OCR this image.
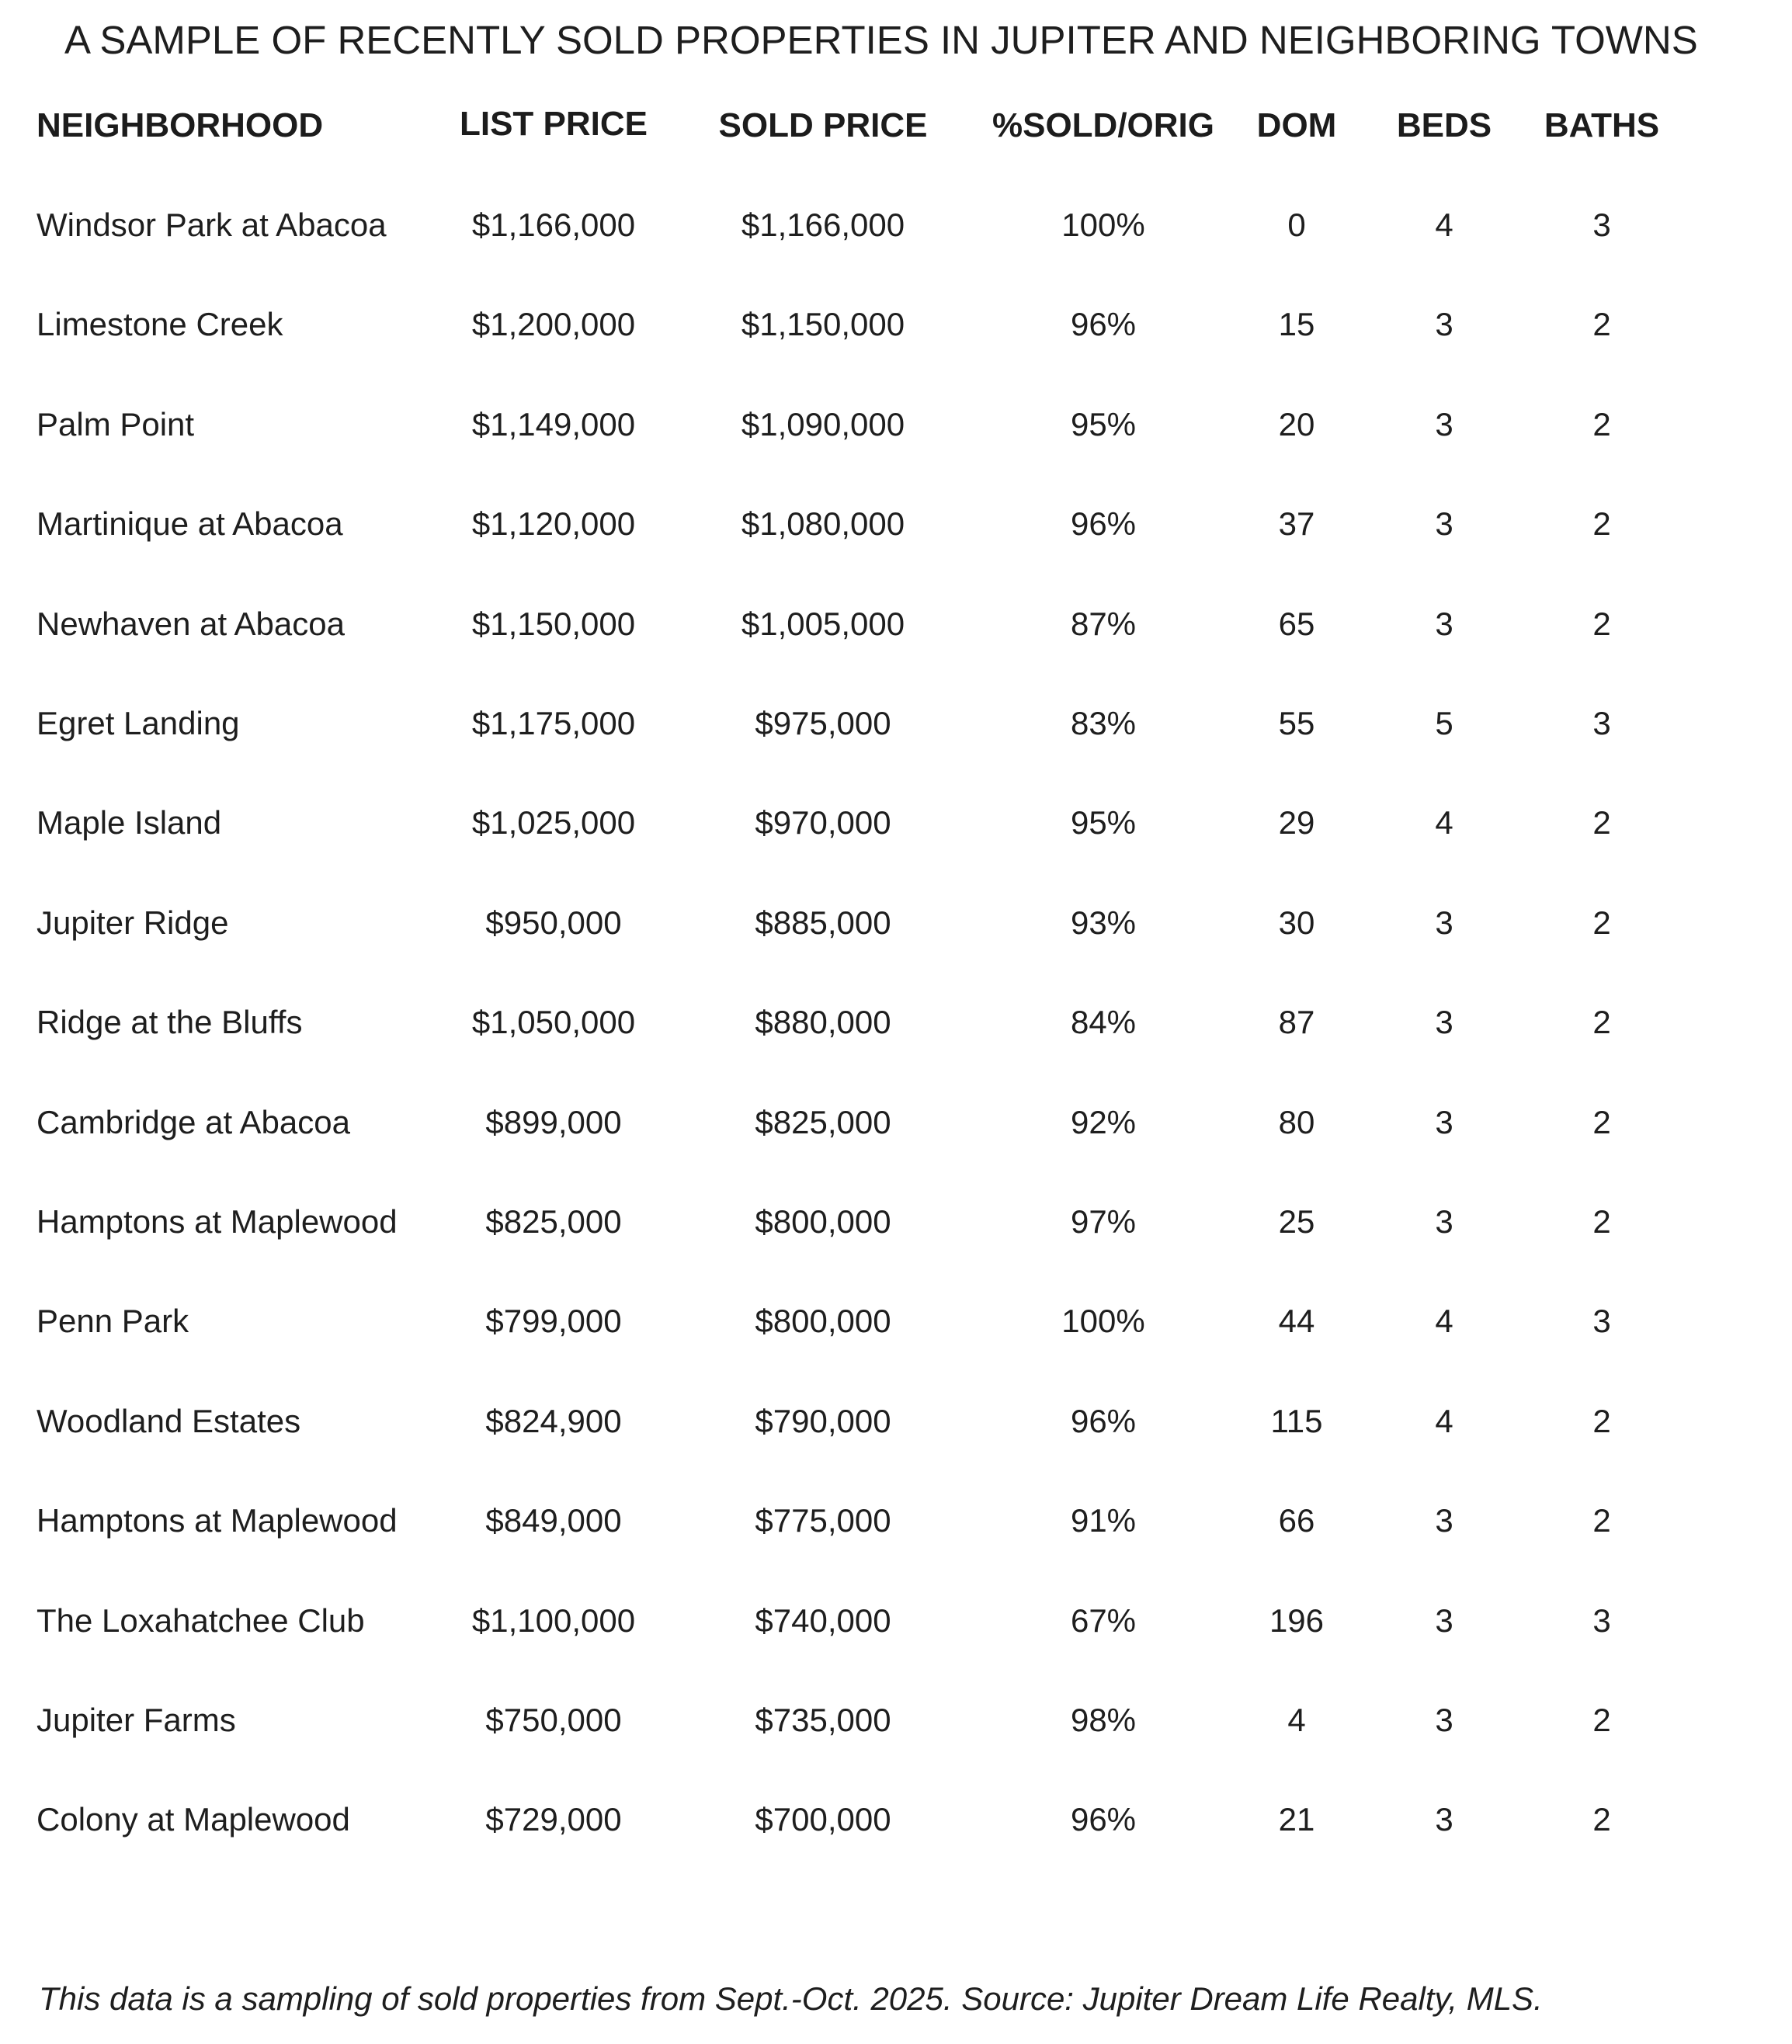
A SAMPLE OF RECENTLY SOLD PROPERTIES IN JUPITER AND NEIGHBORING TOWNS
NEIGHBORHOOD	LIST PRICE	SOLD PRICE	%SOLD/ORIG	DOM	BEDS	BATHS
Windsor Park at Abacoa	$1,166,000	$1,166,000	100%	0	4	3
Limestone Creek	$1,200,000	$1,150,000	96%	15	3	2
Palm Point	$1,149,000	$1,090,000	95%	20	3	2
Martinique at Abacoa	$1,120,000	$1,080,000	96%	37	3	2
Newhaven at Abacoa	$1,150,000	$1,005,000	87%	65	3	2
Egret Landing	$1,175,000	$975,000	83%	55	5	3
Maple Island	$1,025,000	$970,000	95%	29	4	2
Jupiter Ridge	$950,000	$885,000	93%	30	3	2
Ridge at the Bluffs	$1,050,000	$880,000	84%	87	3	2
Cambridge at Abacoa	$899,000	$825,000	92%	80	3	2
Hamptons at Maplewood	$825,000	$800,000	97%	25	3	2
Penn Park	$799,000	$800,000	100%	44	4	3
Woodland Estates	$824,900	$790,000	96%	115	4	2
Hamptons at Maplewood	$849,000	$775,000	91%	66	3	2
The Loxahatchee Club	$1,100,000	$740,000	67%	196	3	3
Jupiter Farms	$750,000	$735,000	98%	4	3	2
Colony at Maplewood	$729,000	$700,000	96%	21	3	2
This data is a sampling of sold properties from Sept.-Oct. 2025. Source: Jupiter Dream Life Realty, MLS.
